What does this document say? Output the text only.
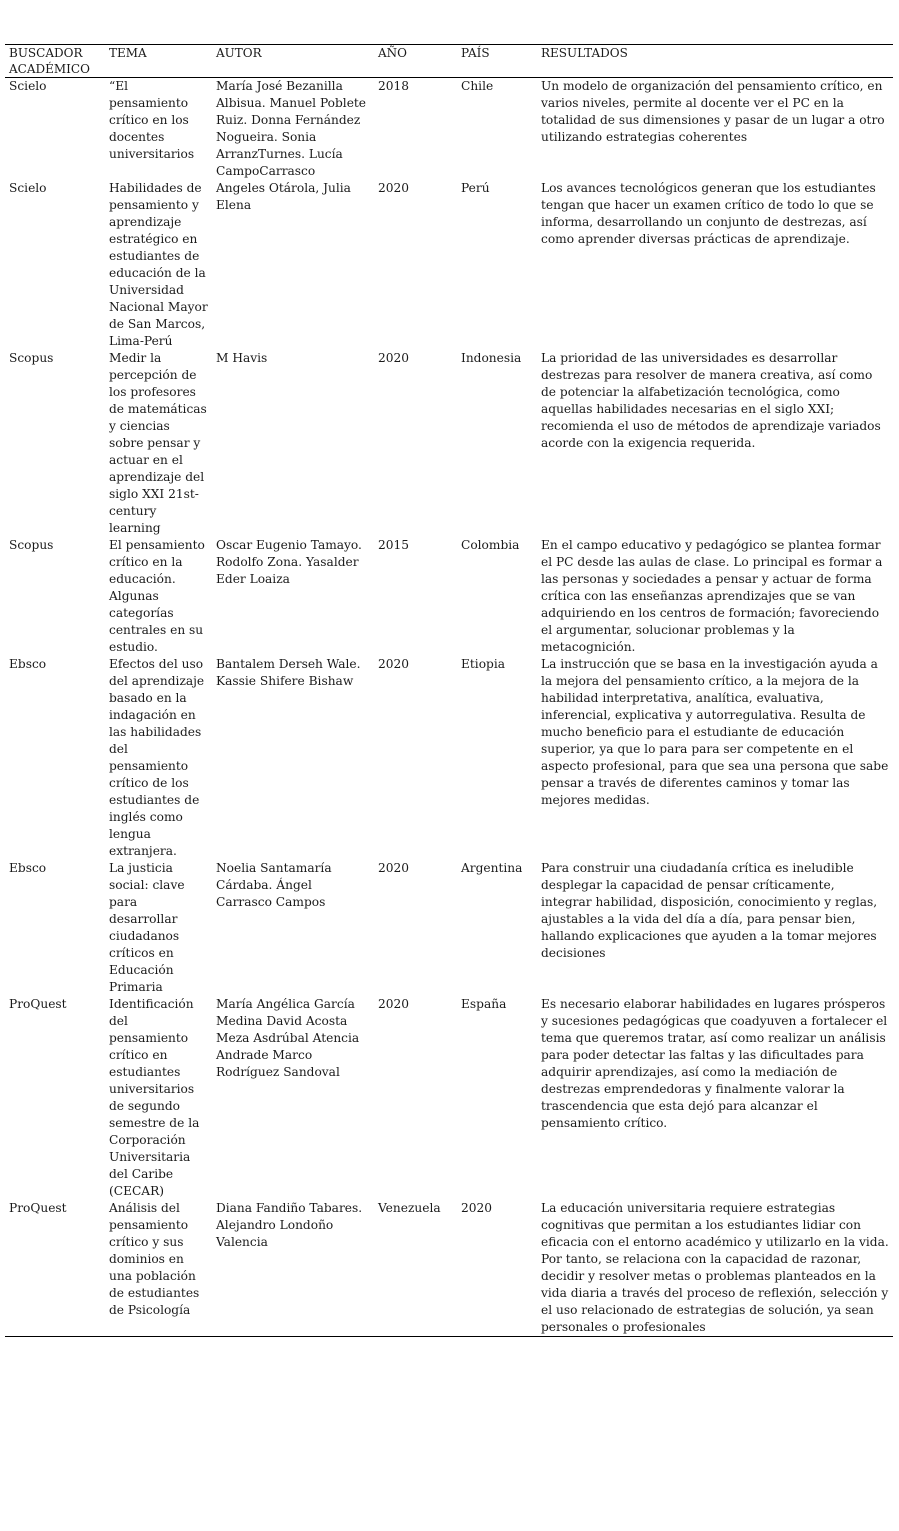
BUSCADOR ACADÉMICO	TEMA	AUTOR	AÑO	PAÍS	RESULTADOS
Scielo	“El pensamiento crítico en los docentes universitarios	María José Bezanilla Albisua. Manuel Poblete Ruiz. Donna Fernández Nogueira. Sonia ArranzTurnes. Lucía CampoCarrasco	2018	Chile	Un modelo de organización del pensamiento crítico, en varios niveles, permite al docente ver el PC en la totalidad de sus dimensiones y pasar de un lugar a otro utilizando estrategias coherentes
Scielo	Habilidades de pensamiento y aprendizaje estratégico en estudiantes de educación de la Universidad Nacional Mayor de San Marcos, Lima-Perú	Angeles Otárola, Julia Elena	2020	Perú	Los avances tecnológicos generan que los estudiantes tengan que hacer un examen crítico de todo lo que se informa, desarrollando un conjunto de destrezas, así como aprender diversas prácticas de aprendizaje.
Scopus	Medir la percepción de los profesores de matemáticas y ciencias sobre pensar y actuar en el aprendizaje del siglo XXI 21st-century learning	M Havis	2020	Indonesia	La prioridad de las universidades es desarrollar destrezas para resolver de manera creativa, así como de potenciar la alfabetización tecnológica, como aquellas habilidades necesarias en el siglo XXI; recomienda el uso de métodos de aprendizaje variados acorde con la exigencia requerida.
Scopus	El pensamiento crítico en la educación. Algunas categorías centrales en su estudio.	Oscar Eugenio Tamayo. Rodolfo Zona. Yasalder Eder Loaiza	2015	Colombia	En el campo educativo y pedagógico se plantea formar el PC desde las aulas de clase. Lo principal es formar a las personas y sociedades a pensar y actuar de forma crítica con las enseñanzas aprendizajes que se van adquiriendo en los centros de formación; favoreciendo el argumentar, solucionar problemas y la metacognición.
Ebsco	Efectos del uso del aprendizaje basado en la indagación en las habilidades del pensamiento crítico de los estudiantes de inglés como lengua extranjera.	Bantalem Derseh Wale. Kassie Shifere Bishaw	2020	Etiopia	La instrucción que se basa en la investigación ayuda a la mejora del pensamiento crítico, a la mejora de la habilidad interpretativa, analítica, evaluativa, inferencial, explicativa y autorregulativa. Resulta de mucho beneficio para el estudiante de educación superior, ya que lo para para ser competente en el aspecto profesional, para que sea una persona que sabe pensar a través de diferentes caminos y tomar las mejores medidas.
Ebsco	La justicia social: clave para desarrollar ciudadanos críticos en Educación Primaria	Noelia Santamaría Cárdaba. Ángel Carrasco Campos	2020	Argentina	Para construir una ciudadanía crítica es ineludible desplegar la capacidad de pensar críticamente, integrar habilidad, disposición, conocimiento y reglas, ajustables a la vida del día a día, para pensar bien, hallando explicaciones que ayuden a la tomar mejores decisiones
ProQuest	Identificación del pensamiento crítico en estudiantes universitarios de segundo semestre de la Corporación Universitaria del Caribe (CECAR)	María Angélica García Medina David Acosta Meza Asdrúbal Atencia Andrade Marco Rodríguez Sandoval	2020	España	Es necesario elaborar habilidades en lugares prósperos y sucesiones pedagógicas que coadyuven a fortalecer el tema que queremos tratar, así como realizar un análisis para poder detectar las faltas y las dificultades para adquirir aprendizajes, así como la mediación de destrezas emprendedoras y finalmente valorar la trascendencia que esta dejó para alcanzar el pensamiento crítico.
ProQuest	Análisis del pensamiento crítico y sus dominios en una población de estudiantes de Psicología	Diana Fandiño Tabares. Alejandro Londoño Valencia	Venezuela	2020	La educación universitaria requiere estrategias cognitivas que permitan a los estudiantes lidiar con eficacia con el entorno académico y utilizarlo en la vida. Por tanto, se relaciona con la capacidad de razonar, decidir y resolver metas o problemas planteados en la vida diaria a través del proceso de reflexión, selección y el uso relacionado de estrategias de solución, ya sean personales o profesionales
